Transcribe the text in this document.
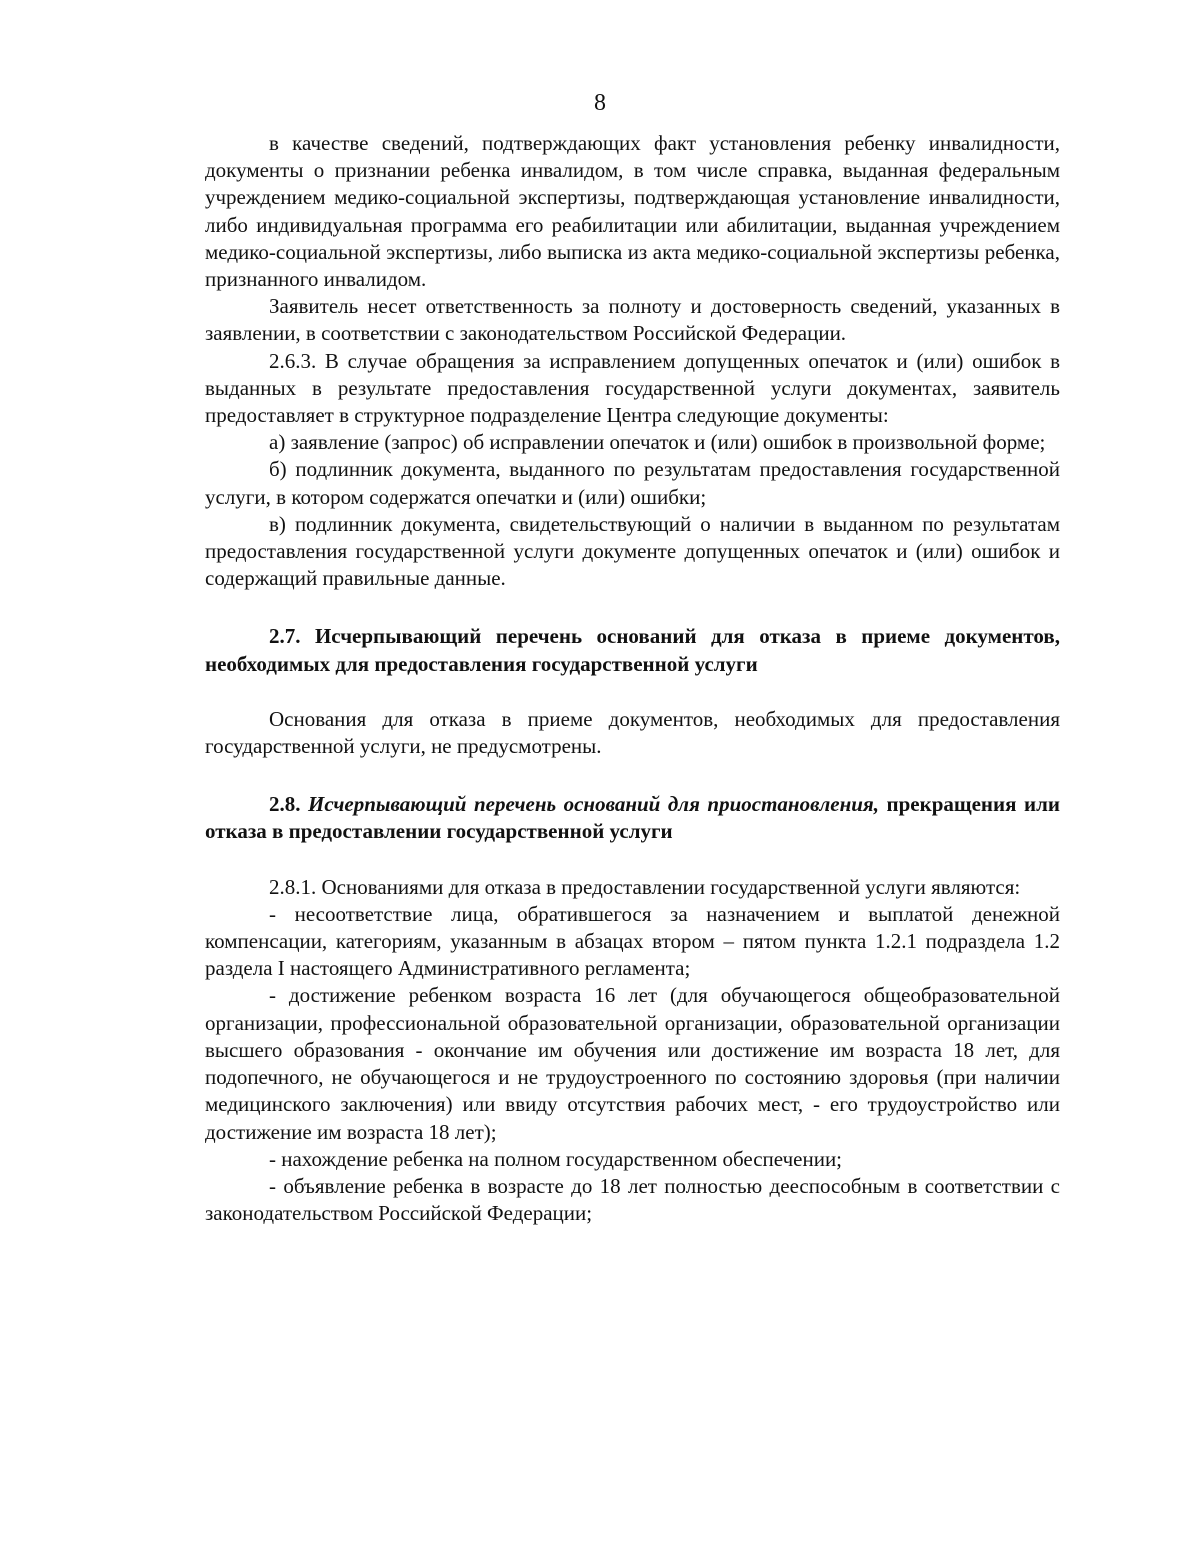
8

в качестве сведений, подтверждающих факт установления ребенку инвалидности, документы о признании ребенка инвалидом, в том числе справка, выданная федеральным учреждением медико-социальной экспертизы, подтверждающая установление инвалидности, либо индивидуальная программа его реабилитации или абилитации, выданная учреждением медико-социальной экспертизы, либо выписка из акта медико-социальной экспертизы ребенка, признанного инвалидом.

Заявитель несет ответственность за полноту и достоверность сведений, указанных в заявлении, в соответствии с законодательством Российской Федерации.

2.6.3. В случае обращения за исправлением допущенных опечаток и (или) ошибок в выданных в результате предоставления государственной услуги документах, заявитель предоставляет в структурное подразделение Центра следующие документы:

а) заявление (запрос) об исправлении опечаток и (или) ошибок в произвольной форме;

б) подлинник документа, выданного по результатам предоставления государственной услуги, в котором содержатся опечатки и (или) ошибки;

в) подлинник документа, свидетельствующий о наличии в выданном по результатам предоставления государственной услуги документе допущенных опечаток и (или) ошибок и содержащий правильные данные.

2.7. Исчерпывающий перечень оснований для отказа в приеме документов, необходимых для предоставления государственной услуги

Основания для отказа в приеме документов, необходимых для предоставления государственной услуги, не предусмотрены.

2.8. Исчерпывающий перечень оснований для приостановления, прекращения или отказа в предоставлении государственной услуги

2.8.1. Основаниями для отказа в предоставлении государственной услуги являются:

- несоответствие лица, обратившегося за назначением и выплатой денежной компенсации, категориям, указанным в абзацах втором – пятом пункта 1.2.1 подраздела 1.2 раздела I настоящего Административного регламента;

- достижение ребенком возраста 16 лет (для обучающегося общеобразовательной организации, профессиональной образовательной организации, образовательной организации высшего образования - окончание им обучения или достижение им возраста 18 лет, для подопечного, не обучающегося и не трудоустроенного по состоянию здоровья (при наличии медицинского заключения) или ввиду отсутствия рабочих мест, - его трудоустройство или достижение им возраста 18 лет);

- нахождение ребенка на полном государственном обеспечении;

- объявление ребенка в возрасте до 18 лет полностью дееспособным в соответствии с законодательством Российской Федерации;
